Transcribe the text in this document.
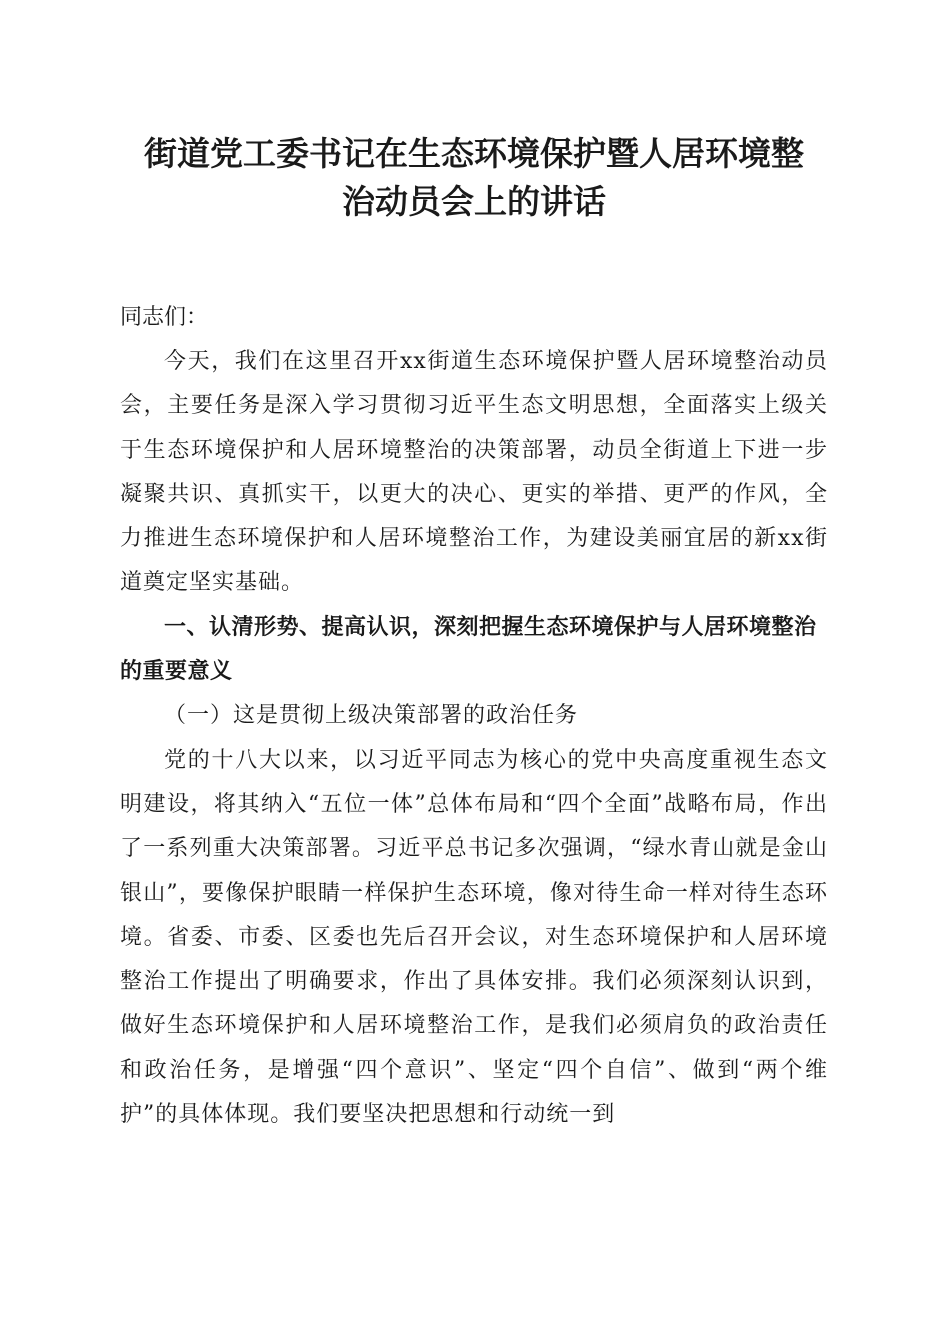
街道党工委书记在生态环境保护暨人居环境整治动员会上的讲话

同志们：

今天，我们在这里召开xx街道生态环境保护暨人居环境整治动员会，主要任务是深入学习贯彻习近平生态文明思想，全面落实上级关于生态环境保护和人居环境整治的决策部署，动员全街道上下进一步凝聚共识、真抓实干，以更大的决心、更实的举措、更严的作风，全力推进生态环境保护和人居环境整治工作，为建设美丽宜居的新xx街道奠定坚实基础。

一、认清形势、提高认识，深刻把握生态环境保护与人居环境整治的重要意义

（一）这是贯彻上级决策部署的政治任务

党的十八大以来，以习近平同志为核心的党中央高度重视生态文明建设，将其纳入“五位一体”总体布局和“四个全面”战略布局，作出了一系列重大决策部署。习近平总书记多次强调，“绿水青山就是金山银山”，要像保护眼睛一样保护生态环境，像对待生命一样对待生态环境。省委、市委、区委也先后召开会议，对生态环境保护和人居环境整治工作提出了明确要求，作出了具体安排。我们必须深刻认识到，做好生态环境保护和人居环境整治工作，是我们必须肩负的政治责任和政治任务，是增强“四个意识”、坚定“四个自信”、做到“两个维护”的具体体现。我们要坚决把思想和行动统一到
